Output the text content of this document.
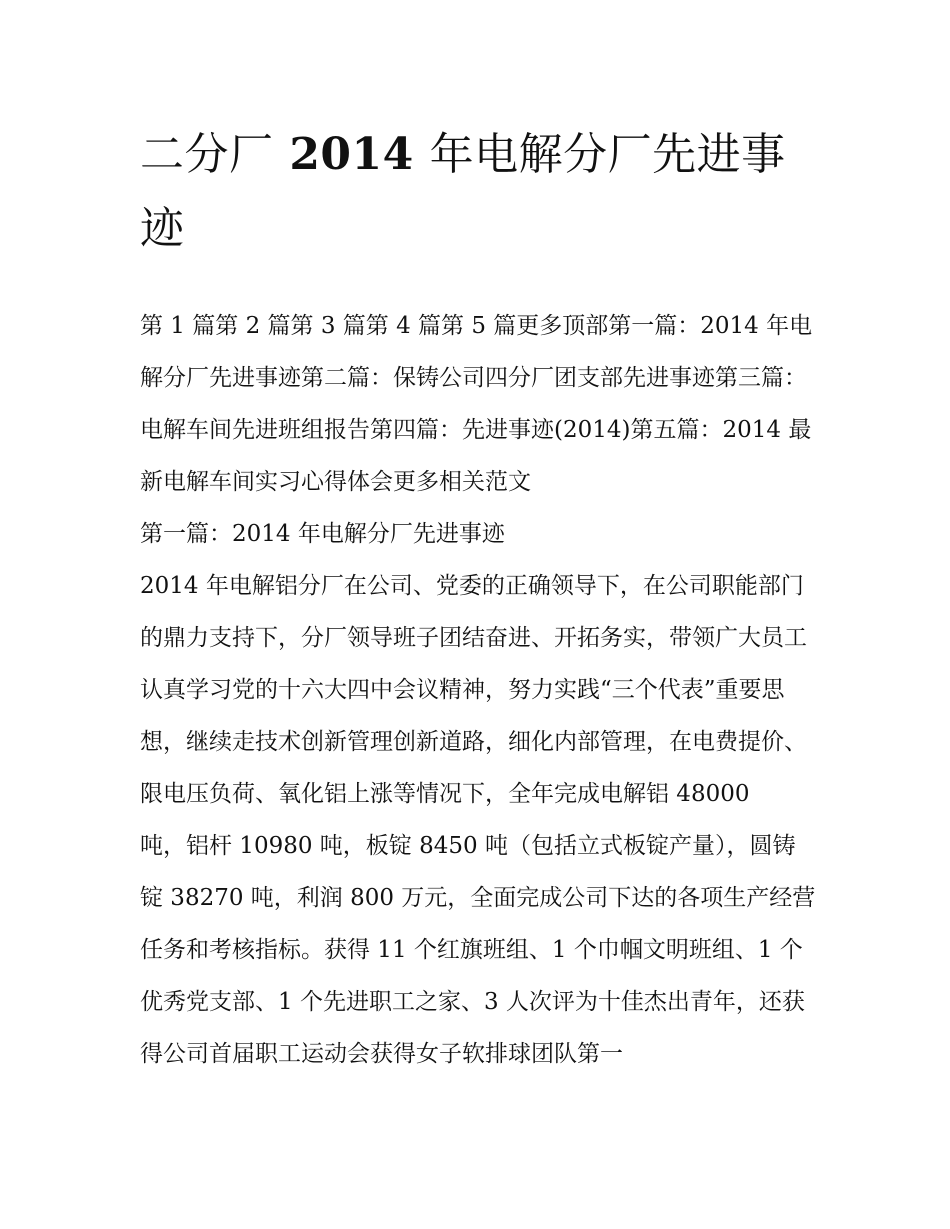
二分厂 2014 年电解分厂先进事迹

第 1 篇第 2 篇第 3 篇第 4 篇第 5 篇更多顶部第一篇：2014 年电解分厂先进事迹第二篇：保铸公司四分厂团支部先进事迹第三篇：电解车间先进班组报告第四篇：先进事迹(2014)第五篇：2014 最新电解车间实习心得体会更多相关范文

第一篇：2014 年电解分厂先进事迹

2014 年电解铝分厂在公司、党委的正确领导下，在公司职能部门的鼎力支持下，分厂领导班子团结奋进、开拓务实，带领广大员工认真学习党的十六大四中会议精神，努力实践“三个代表”重要思想，继续走技术创新管理创新道路，细化内部管理，在电费提价、限电压负荷、氧化铝上涨等情况下，全年完成电解铝 48000

吨，铝杆 10980 吨，板锭 8450 吨（包括立式板锭产量），圆铸锭 38270 吨，利润 800 万元，全面完成公司下达的各项生产经营任务和考核指标。获得 11 个红旗班组、1 个巾帼文明班组、1 个优秀党支部、1 个先进职工之家、3 人次评为十佳杰出青年，还获得公司首届职工运动会获得女子软排球团队第一
